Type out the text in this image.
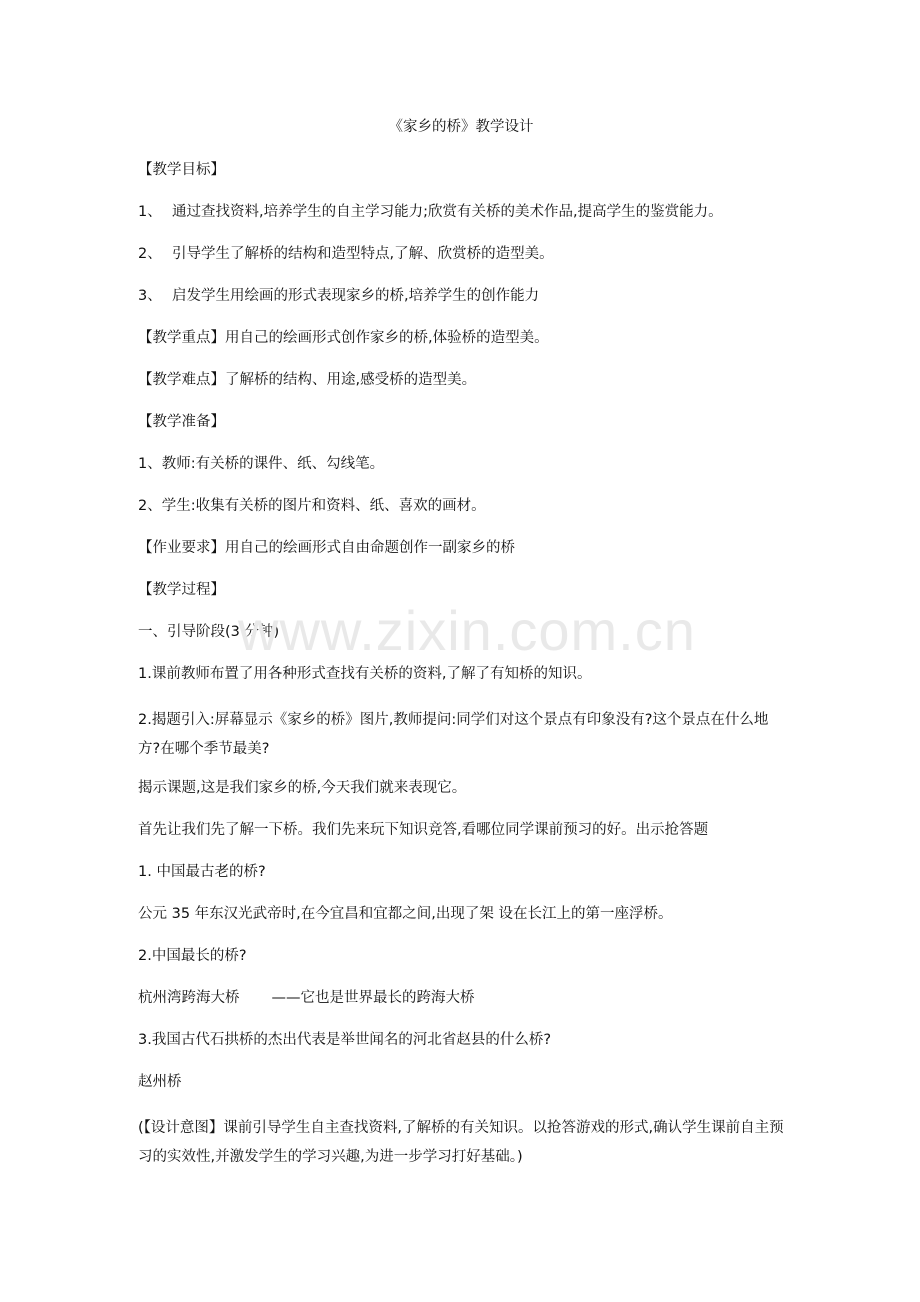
www.zixin.com.cn
《家乡的桥》教学设计
【教学目标】
1、 通过查找资料,培养学生的自主学习能力;欣赏有关桥的美术作品,提高学生的鉴赏能力。
2、 引导学生了解桥的结构和造型特点,了解、欣赏桥的造型美。
3、 启发学生用绘画的形式表现家乡的桥,培养学生的创作能力
【教学重点】用自己的绘画形式创作家乡的桥,体验桥的造型美。
【教学难点】了解桥的结构、用途,感受桥的造型美。
【教学准备】
1、教师:有关桥的课件、纸、勾线笔。
2、学生:收集有关桥的图片和资料、纸、喜欢的画材。
【作业要求】用自己的绘画形式自由命题创作一副家乡的桥
【教学过程】
一、引导阶段(3 分钟)
1.课前教师布置了用各种形式查找有关桥的资料,了解了有知桥的知识。
2.揭题引入:屏幕显示《家乡的桥》图片,教师提问:同学们对这个景点有印象没有?这个景点在什么地方?在哪个季节最美?
揭示课题,这是我们家乡的桥,今天我们就来表现它。
首先让我们先了解一下桥。我们先来玩下知识竞答,看哪位同学课前预习的好。出示抢答题
1. 中国最古老的桥?
公元 35 年东汉光武帝时,在今宜昌和宜都之间,出现了架 设在长江上的第一座浮桥。
2.中国最长的桥?
杭州湾跨海大桥 ——它也是世界最长的跨海大桥
3.我国古代石拱桥的杰出代表是举世闻名的河北省赵县的什么桥?
赵州桥
(【设计意图】课前引导学生自主查找资料,了解桥的有关知识。以抢答游戏的形式,确认学生课前自主预习的实效性,并激发学生的学习兴趣,为进一步学习打好基础。)
